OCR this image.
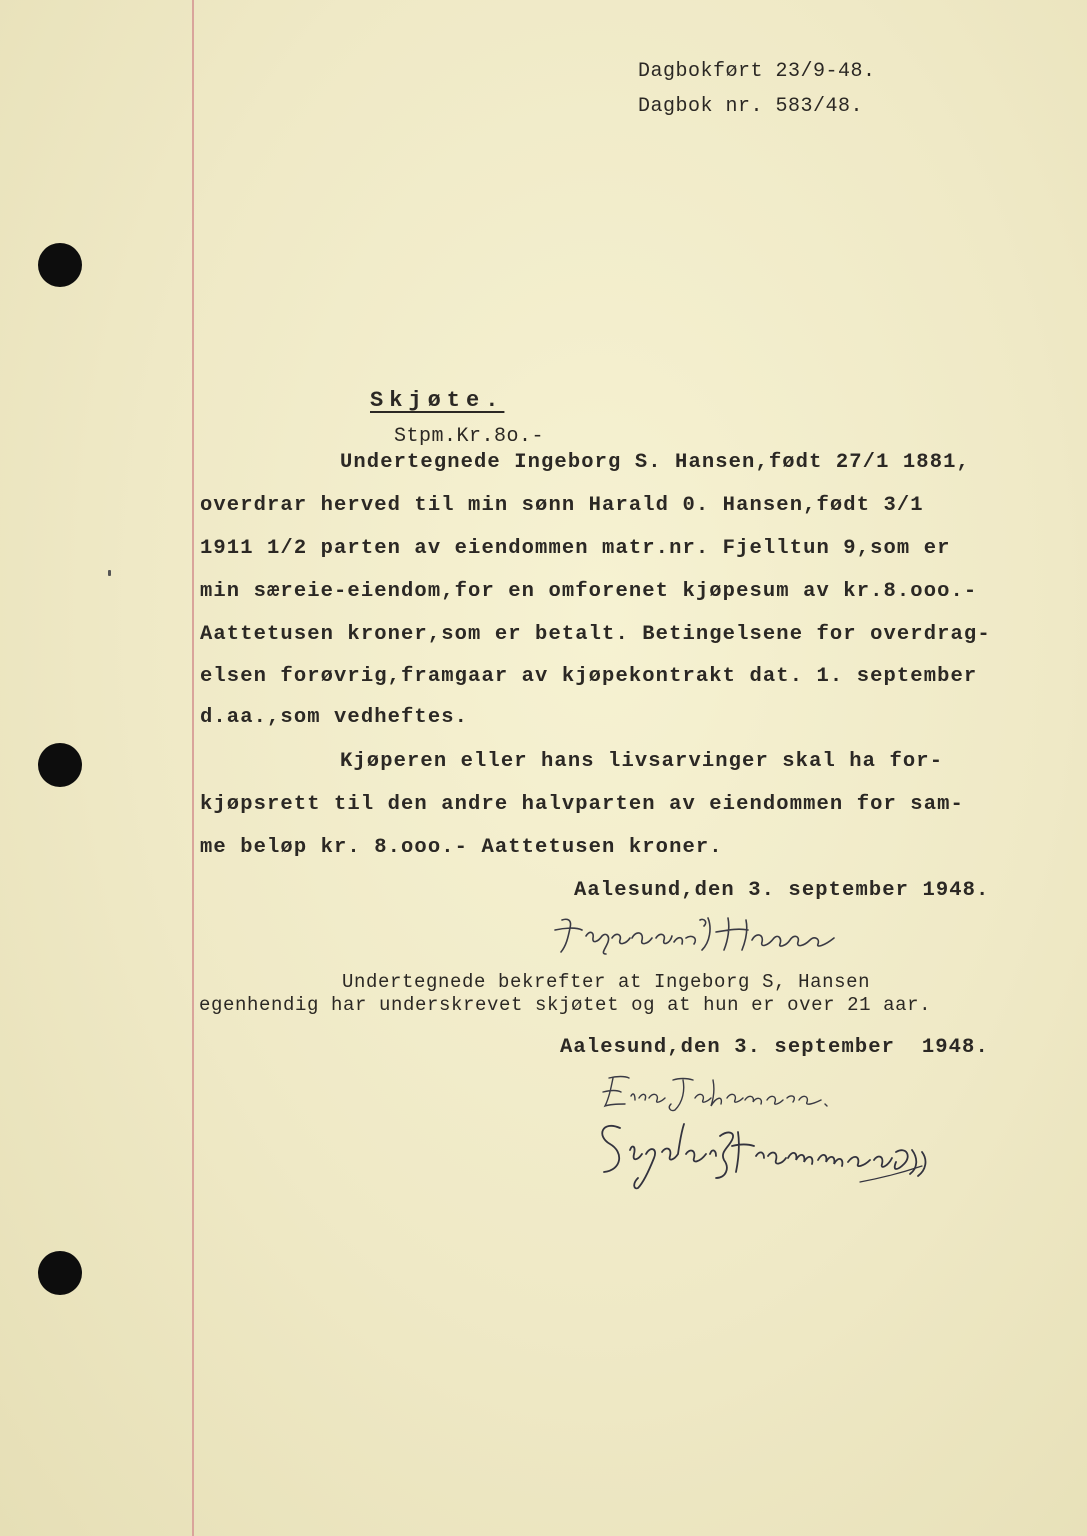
Dagbokført 23/9-48.

Dagbok nr. 583/48.

Skjøte.

Stpm.Kr.8o.-

Undertegnede Ingeborg S. Hansen,født 27/1 1881,

overdrar herved til min sønn Harald 0. Hansen,født 3/1

1911 1/2 parten av eiendommen matr.nr. Fjelltun 9,som er

min særeie-eiendom,for en omforenet kjøpesum av kr.8.ooo.-

Aattetusen kroner,som er betalt. Betingelsene for overdrag-

elsen forøvrig,framgaar av kjøpekontrakt dat. 1. september

d.aa.,som vedheftes.

Kjøperen eller hans livsarvinger skal ha for-

kjøpsrett til den andre halvparten av eiendommen for sam-

me beløp kr. 8.ooo.- Aattetusen kroner.

Aalesund,den 3. september 1948.

Undertegnede bekrefter at Ingeborg S, Hansen

egenhendig har underskrevet skjøtet og at hun er over 21 aar.

Aalesund,den 3. september  1948.
